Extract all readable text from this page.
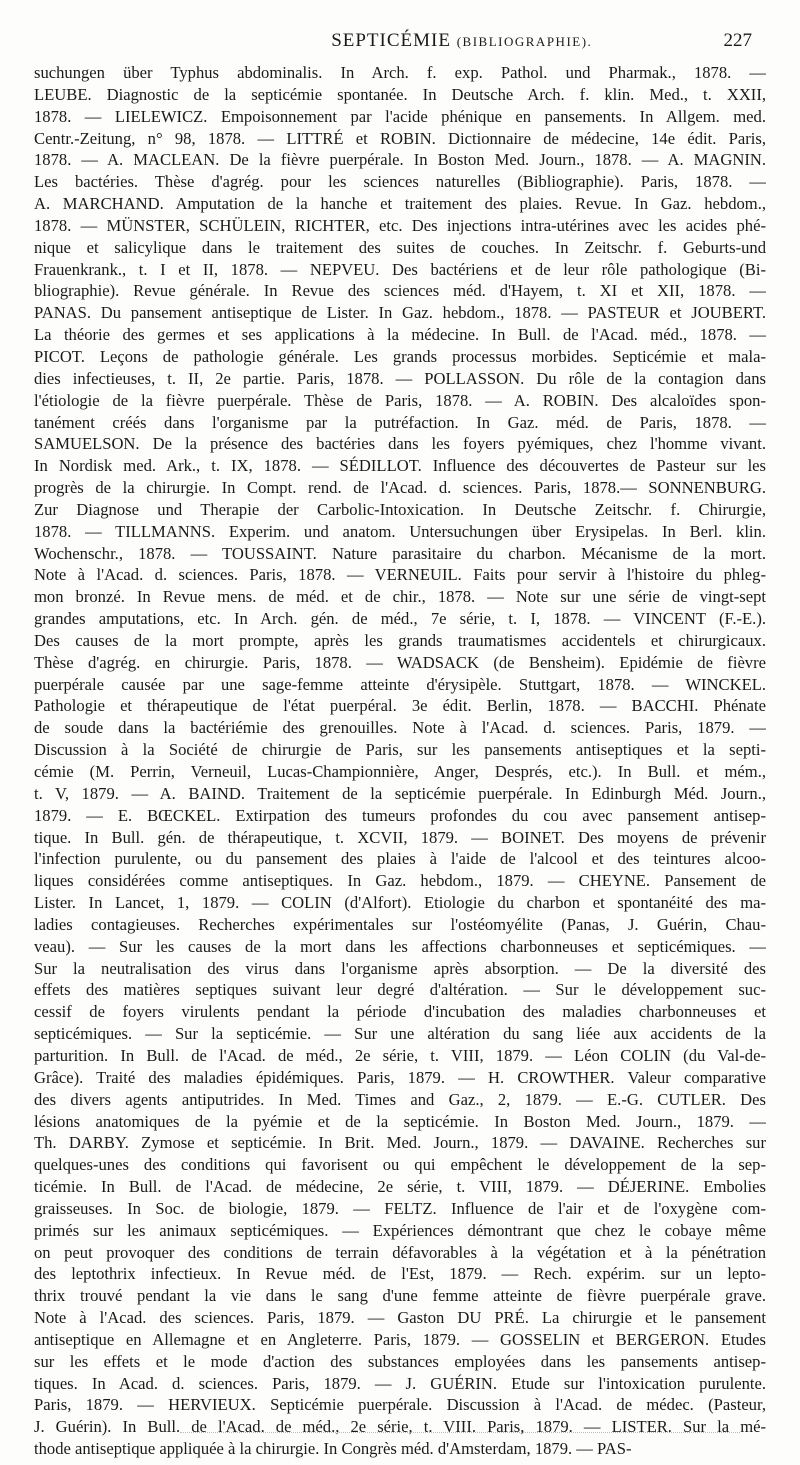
SEPTICÉMIE (BIBLIOGRAPHIE).	227
suchungen über Typhus abdominalis. In Arch. f. exp. Pathol. und Pharmak., 1878. —
LEUBE. Diagnostic de la septicémie spontanée. In Deutsche Arch. f. klin. Med., t. XXII,
1878. — LIELEWICZ. Empoisonnement par l'acide phénique en pansements. In Allgem. med.
Centr.-Zeitung, n° 98, 1878. — LITTRÉ et ROBIN. Dictionnaire de médecine, 14e édit. Paris,
1878. — A. MACLEAN. De la fièvre puerpérale. In Boston Med. Journ., 1878. — A. MAGNIN.
Les bactéries. Thèse d'agrég. pour les sciences naturelles (Bibliographie). Paris, 1878. —
A. MARCHAND. Amputation de la hanche et traitement des plaies. Revue. In Gaz. hebdom.,
1878. — MÜNSTER, SCHÜLEIN, RICHTER, etc. Des injections intra-utérines avec les acides phé-
nique et salicylique dans le traitement des suites de couches. In Zeitschr. f. Geburts-und
Frauenkrank., t. I et II, 1878. — NEPVEU. Des bactériens et de leur rôle pathologique (Bi-
bliographie). Revue générale. In Revue des sciences méd. d'Hayem, t. XI et XII, 1878. —
PANAS. Du pansement antiseptique de Lister. In Gaz. hebdom., 1878. — PASTEUR et JOUBERT.
La théorie des germes et ses applications à la médecine. In Bull. de l'Acad. méd., 1878. —
PICOT. Leçons de pathologie générale. Les grands processus morbides. Septicémie et mala-
dies infectieuses, t. II, 2e partie. Paris, 1878. — POLLASSON. Du rôle de la contagion dans
l'étiologie de la fièvre puerpérale. Thèse de Paris, 1878. — A. ROBIN. Des alcaloïdes spon-
tanément créés dans l'organisme par la putréfaction. In Gaz. méd. de Paris, 1878. —
SAMUELSON. De la présence des bactéries dans les foyers pyémiques, chez l'homme vivant.
In Nordisk med. Ark., t. IX, 1878. — SÉDILLOT. Influence des découvertes de Pasteur sur les
progrès de la chirurgie. In Compt. rend. de l'Acad. d. sciences. Paris, 1878.— SONNENBURG.
Zur Diagnose und Therapie der Carbolic-Intoxication. In Deutsche Zeitschr. f. Chirurgie,
1878. — TILLMANNS. Experim. und anatom. Untersuchungen über Erysipelas. In Berl. klin.
Wochenschr., 1878. — TOUSSAINT. Nature parasitaire du charbon. Mécanisme de la mort.
Note à l'Acad. d. sciences. Paris, 1878. — VERNEUIL. Faits pour servir à l'histoire du phleg-
mon bronzé. In Revue mens. de méd. et de chir., 1878. — Note sur une série de vingt-sept
grandes amputations, etc. In Arch. gén. de méd., 7e série, t. I, 1878. — VINCENT (F.-E.).
Des causes de la mort prompte, après les grands traumatismes accidentels et chirurgicaux.
Thèse d'agrég. en chirurgie. Paris, 1878. — WADSACK (de Bensheim). Epidémie de fièvre
puerpérale causée par une sage-femme atteinte d'érysipèle. Stuttgart, 1878. — WINCKEL.
Pathologie et thérapeutique de l'état puerpéral. 3e édit. Berlin, 1878. — BACCHI. Phénate
de soude dans la bactériémie des grenouilles. Note à l'Acad. d. sciences. Paris, 1879. —
Discussion à la Société de chirurgie de Paris, sur les pansements antiseptiques et la septi-
cémie (M. Perrin, Verneuil, Lucas-Championnière, Anger, Després, etc.). In Bull. et mém.,
t. V, 1879. — A. BAIND. Traitement de la septicémie puerpérale. In Edinburgh Méd. Journ.,
1879. — E. BŒCKEL. Extirpation des tumeurs profondes du cou avec pansement antisep-
tique. In Bull. gén. de thérapeutique, t. XCVII, 1879. — BOINET. Des moyens de prévenir
l'infection purulente, ou du pansement des plaies à l'aide de l'alcool et des teintures alcoo-
liques considérées comme antiseptiques. In Gaz. hebdom., 1879. — CHEYNE. Pansement de
Lister. In Lancet, 1, 1879. — COLIN (d'Alfort). Etiologie du charbon et spontanéité des ma-
ladies contagieuses. Recherches expérimentales sur l'ostéomyélite (Panas, J. Guérin, Chau-
veau). — Sur les causes de la mort dans les affections charbonneuses et septicémiques. —
Sur la neutralisation des virus dans l'organisme après absorption. — De la diversité des
effets des matières septiques suivant leur degré d'altération. — Sur le développement suc-
cessif de foyers virulents pendant la période d'incubation des maladies charbonneuses et
septicémiques. — Sur la septicémie. — Sur une altération du sang liée aux accidents de la
parturition. In Bull. de l'Acad. de méd., 2e série, t. VIII, 1879. — Léon COLIN (du Val-de-
Grâce). Traité des maladies épidémiques. Paris, 1879. — H. CROWTHER. Valeur comparative
des divers agents antiputrides. In Med. Times and Gaz., 2, 1879. — E.-G. CUTLER. Des
lésions anatomiques de la pyémie et de la septicémie. In Boston Med. Journ., 1879. —
Th. DARBY. Zymose et septicémie. In Brit. Med. Journ., 1879. — DAVAINE. Recherches sur
quelques-unes des conditions qui favorisent ou qui empêchent le développement de la sep-
ticémie. In Bull. de l'Acad. de médecine, 2e série, t. VIII, 1879. — DÉJERINE. Embolies
graisseuses. In Soc. de biologie, 1879. — FELTZ. Influence de l'air et de l'oxygène com-
primés sur les animaux septicémiques. — Expériences démontrant que chez le cobaye même
on peut provoquer des conditions de terrain défavorables à la végétation et à la pénétration
des leptothrix infectieux. In Revue méd. de l'Est, 1879. — Rech. expérim. sur un lepto-
thrix trouvé pendant la vie dans le sang d'une femme atteinte de fièvre puerpérale grave.
Note à l'Acad. des sciences. Paris, 1879. — Gaston DU PRÉ. La chirurgie et le pansement
antiseptique en Allemagne et en Angleterre. Paris, 1879. — GOSSELIN et BERGERON. Etudes
sur les effets et le mode d'action des substances employées dans les pansements antisep-
tiques. In Acad. d. sciences. Paris, 1879. — J. GUÉRIN. Etude sur l'intoxication purulente.
Paris, 1879. — HERVIEUX. Septicémie puerpérale. Discussion à l'Acad. de médec. (Pasteur,
J. Guérin). In Bull. de l'Acad. de méd., 2e série, t. VIII. Paris, 1879. — LISTER. Sur la mé-
thode antiseptique appliquée à la chirurgie. In Congrès méd. d'Amsterdam, 1879. — PAS-
